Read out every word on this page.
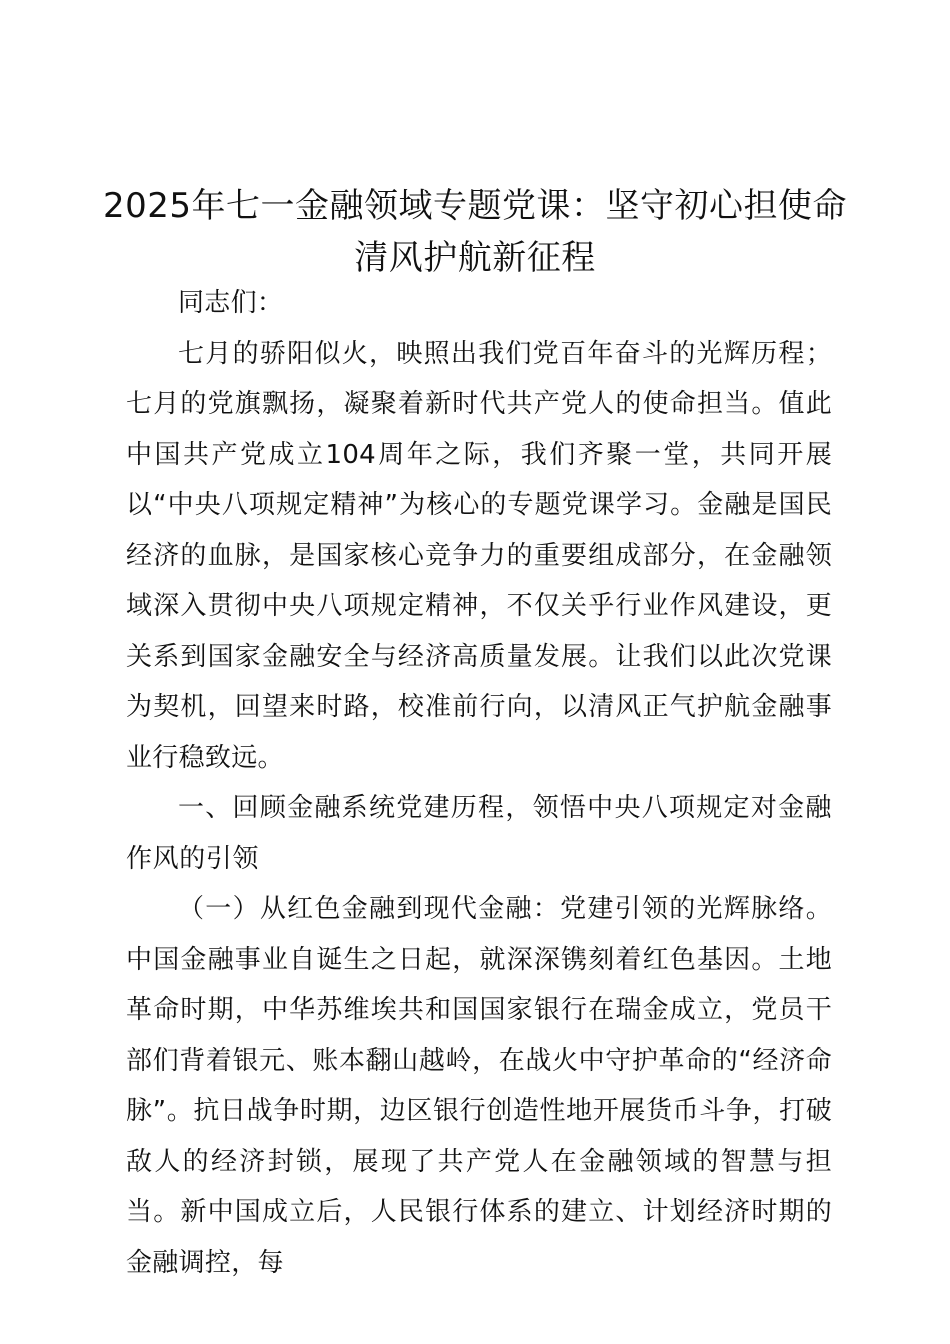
2025年七一金融领域专题党课：坚守初心担使命清风护航新征程

同志们：

七月的骄阳似火，映照出我们党百年奋斗的光辉历程；七月的党旗飘扬，凝聚着新时代共产党人的使命担当。值此中国共产党成立104周年之际，我们齐聚一堂，共同开展以“中央八项规定精神”为核心的专题党课学习。金融是国民经济的血脉，是国家核心竞争力的重要组成部分，在金融领域深入贯彻中央八项规定精神，不仅关乎行业作风建设，更关系到国家金融安全与经济高质量发展。让我们以此次党课为契机，回望来时路，校准前行向，以清风正气护航金融事业行稳致远。

一、回顾金融系统党建历程，领悟中央八项规定对金融作风的引领

（一）从红色金融到现代金融：党建引领的光辉脉络。中国金融事业自诞生之日起，就深深镌刻着红色基因。土地革命时期，中华苏维埃共和国国家银行在瑞金成立，党员干部们背着银元、账本翻山越岭，在战火中守护革命的“经济命脉”。抗日战争时期，边区银行创造性地开展货币斗争，打破敌人的经济封锁，展现了共产党人在金融领域的智慧与担当。新中国成立后，人民银行体系的建立、计划经济时期的金融调控，每
